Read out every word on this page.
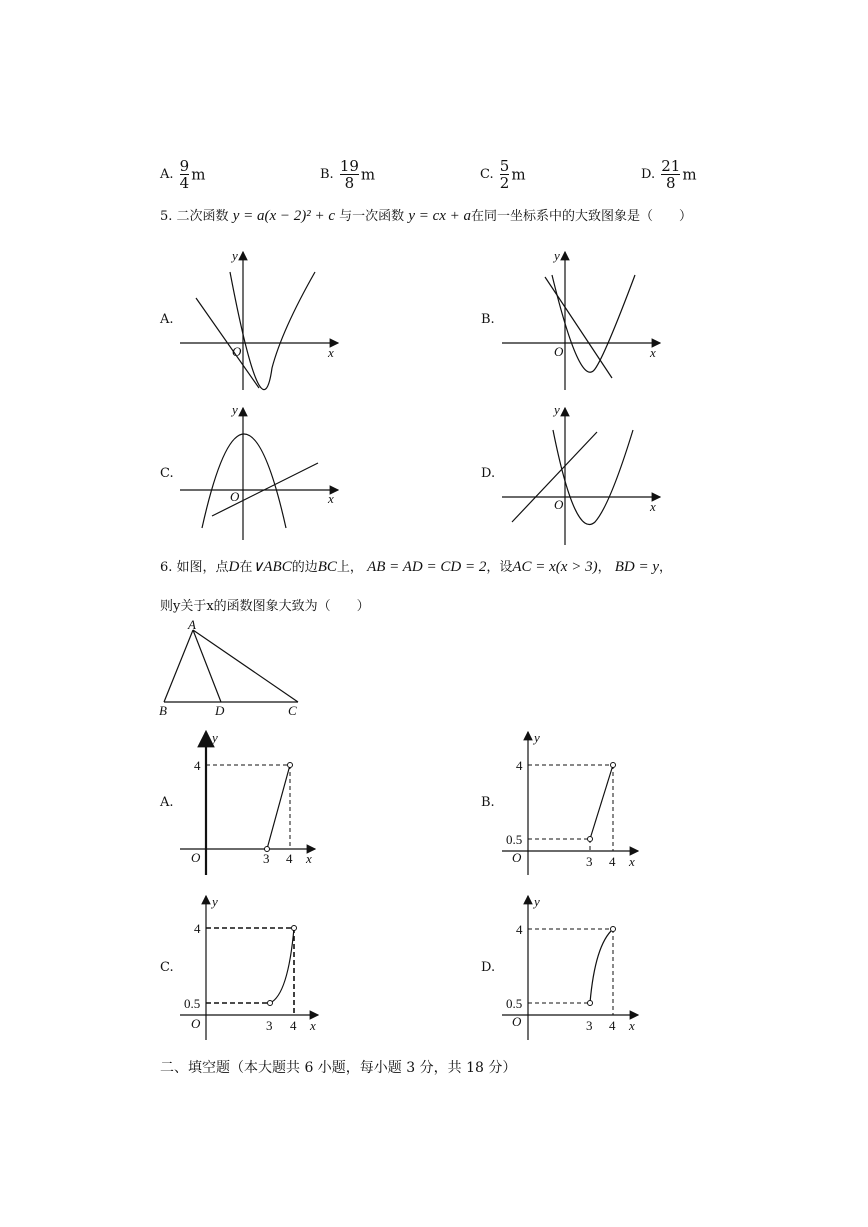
A. $\frac{9}{4}$ m	B. $\frac{19}{8}$ m	C. $\frac{5}{2}$ m	D. $\frac{21}{8}$ m
5. 二次函数 y = a(x − 2)² + c 与一次函数 y = cx + a在同一坐标系中的大致图象是（　　）
A.	B.
C.	D.
y
x
O
y
x
O
y
x
O
y
x
O
6. 如图，点D在∨ABC的边BC上， AB = AD = CD = 2，设AC = x(x > 3)， BD = y，
则y关于x的函数图象大致为（　　）
A
B	D	C
A.	B.
C.	D.
y
4
O	3 4 x
y
4
0.5
O	3 4 x
y
4
0.5
O	3 4 x
y
4
0.5
O	3 4 x
二、填空题（本大题共 6 小题，每小题 3 分，共 18 分）
